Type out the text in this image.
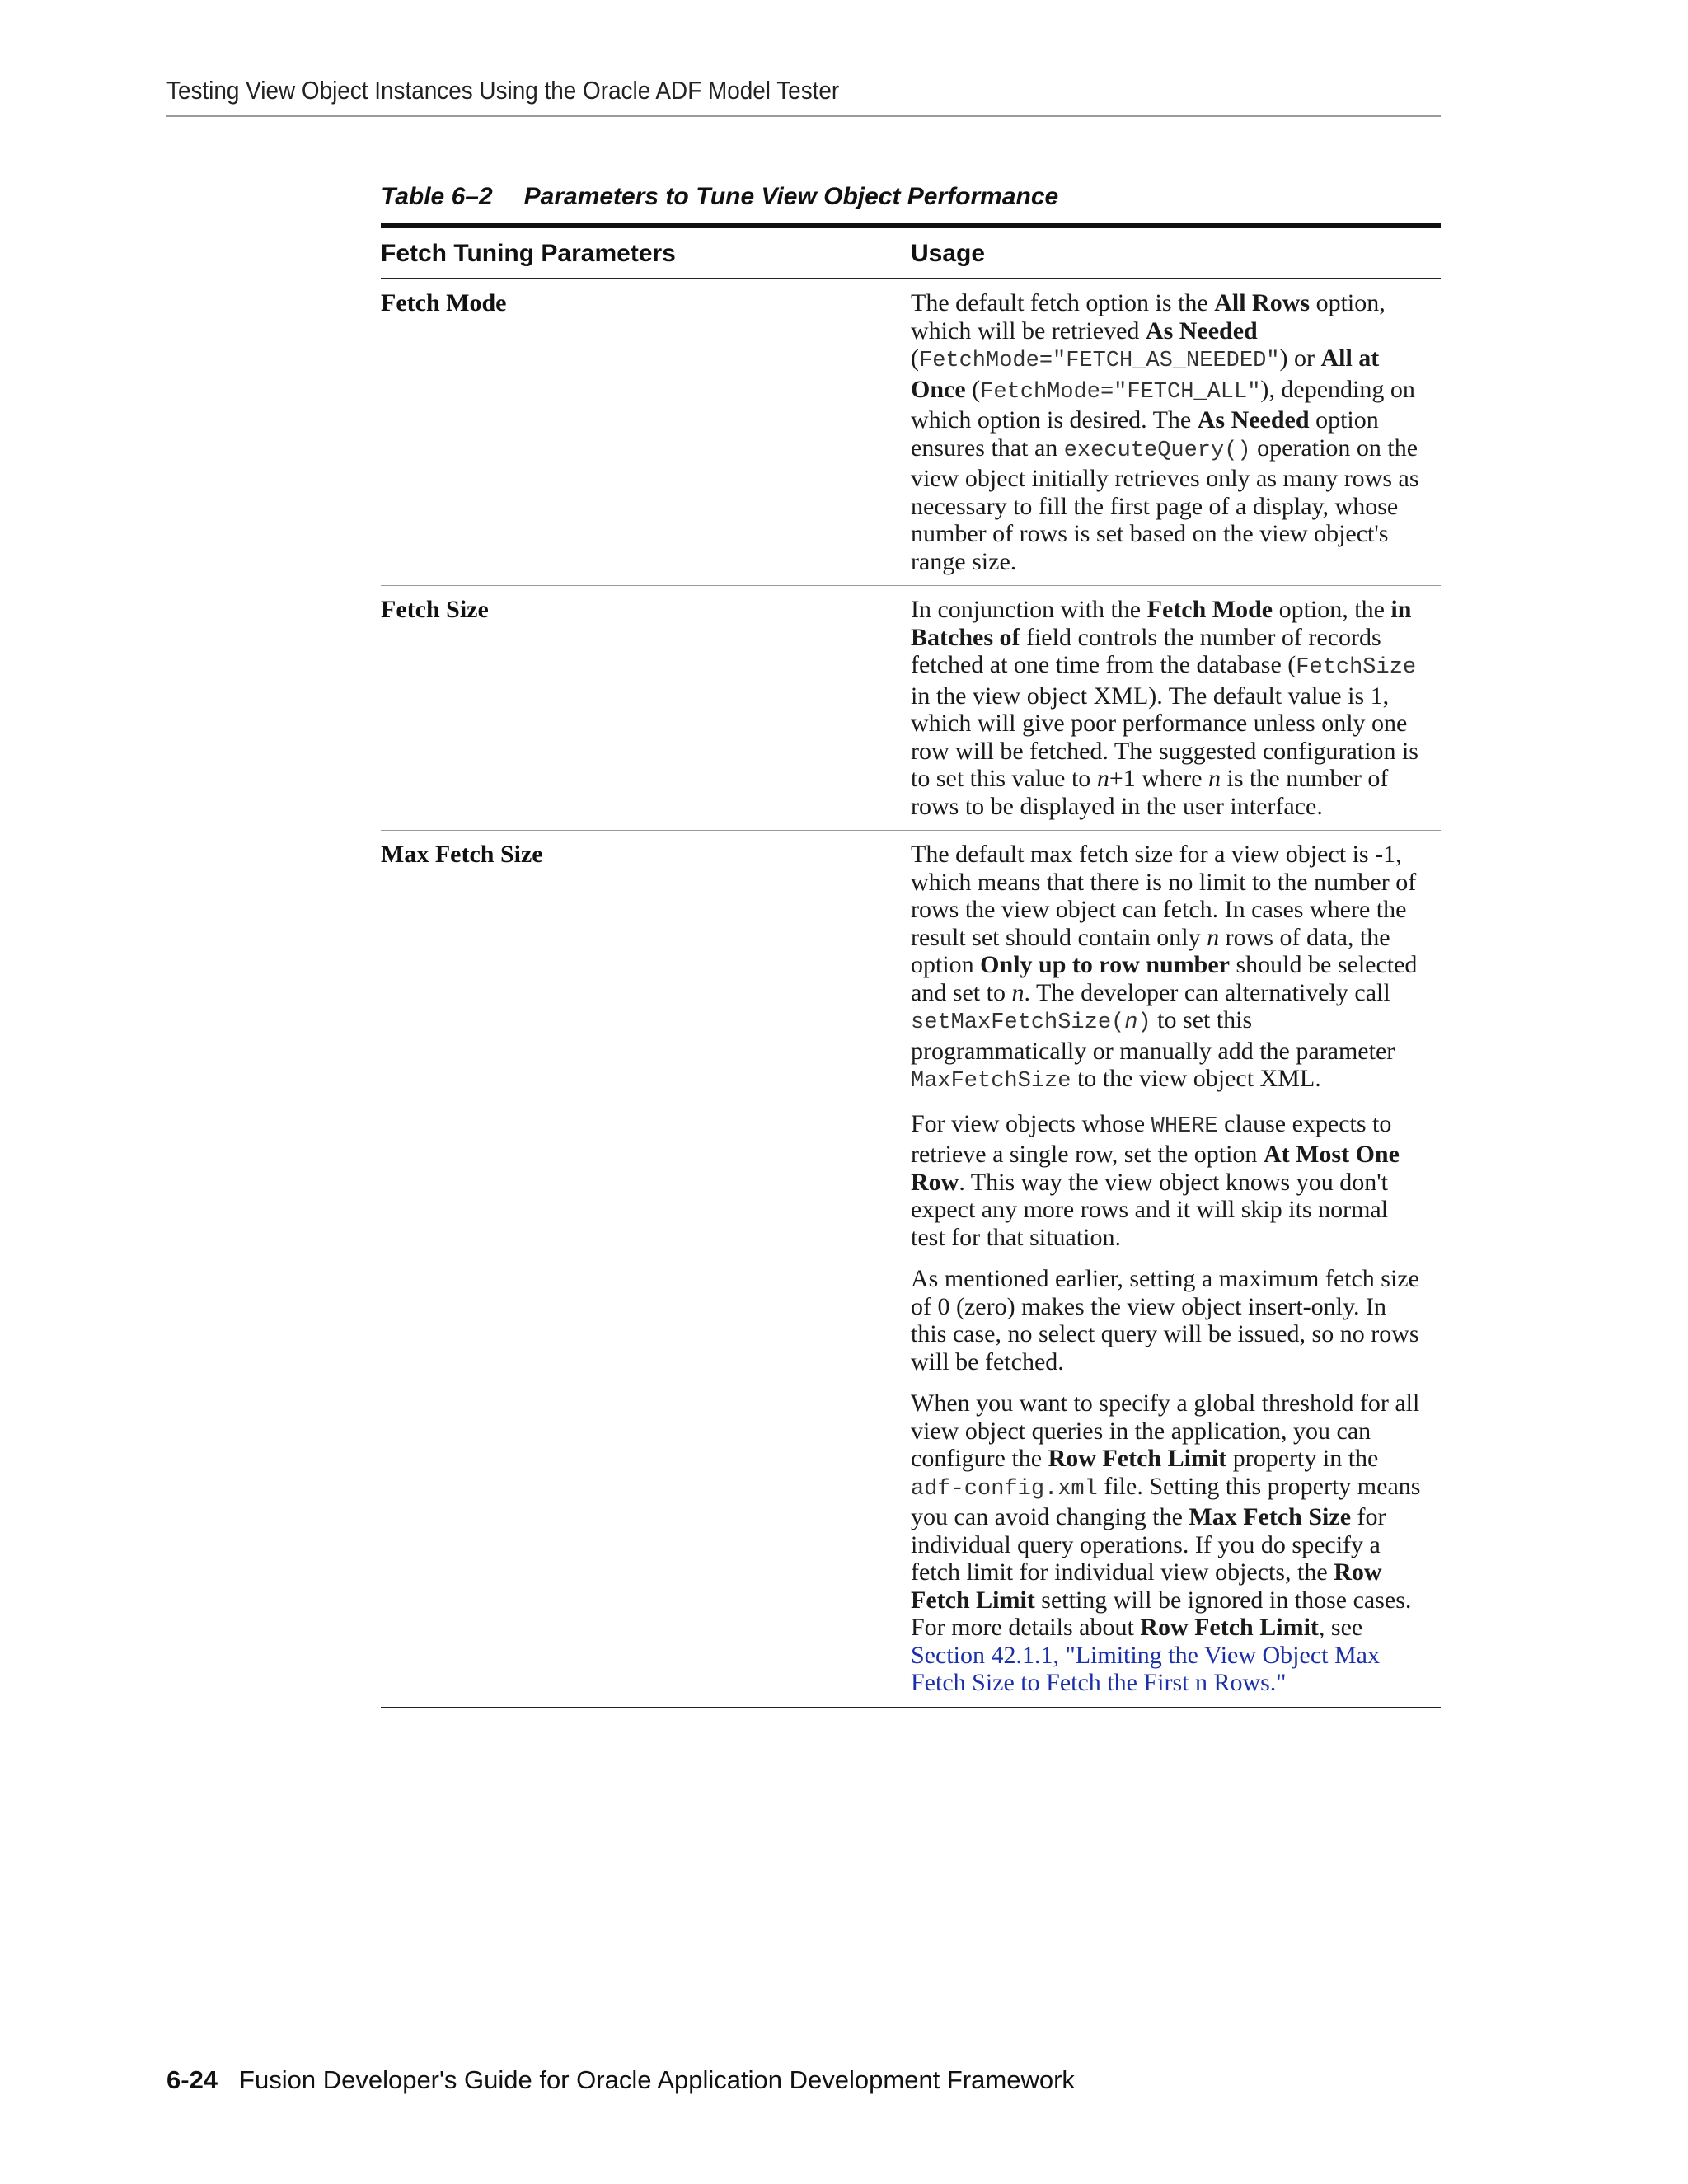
Testing View Object Instances Using the Oracle ADF Model Tester
Table 6–2 Parameters to Tune View Object Performance
Fetch Tuning Parameters	Usage
Fetch Mode	The default fetch option is the All Rows option, which will be retrieved As Needed (FetchMode="FETCH_AS_NEEDED") or All at Once (FetchMode="FETCH_ALL"), depending on which option is desired. The As Needed option ensures that an executeQuery() operation on the view object initially retrieves only as many rows as necessary to fill the first page of a display, whose number of rows is set based on the view object's range size.

Fetch Size	In conjunction with the Fetch Mode option, the in Batches of field controls the number of records fetched at one time from the database (FetchSize in the view object XML). The default value is 1, which will give poor performance unless only one row will be fetched. The suggested configuration is to set this value to n+1 where n is the number of rows to be displayed in the user interface.

Max Fetch Size	The default max fetch size for a view object is -1, which means that there is no limit to the number of rows the view object can fetch. In cases where the result set should contain only n rows of data, the option Only up to row number should be selected and set to n. The developer can alternatively call setMaxFetchSize(n) to set this programmatically or manually add the parameter MaxFetchSize to the view object XML.

For view objects whose WHERE clause expects to retrieve a single row, set the option At Most One Row. This way the view object knows you don't expect any more rows and it will skip its normal test for that situation.

As mentioned earlier, setting a maximum fetch size of 0 (zero) makes the view object insert-only. In this case, no select query will be issued, so no rows will be fetched.

When you want to specify a global threshold for all view object queries in the application, you can configure the Row Fetch Limit property in the adf-config.xml file. Setting this property means you can avoid changing the Max Fetch Size for individual query operations. If you do specify a fetch limit for individual view objects, the Row Fetch Limit setting will be ignored in those cases. For more details about Row Fetch Limit, see Section 42.1.1, "Limiting the View Object Max Fetch Size to Fetch the First n Rows."

6-24 Fusion Developer's Guide for Oracle Application Development Framework
